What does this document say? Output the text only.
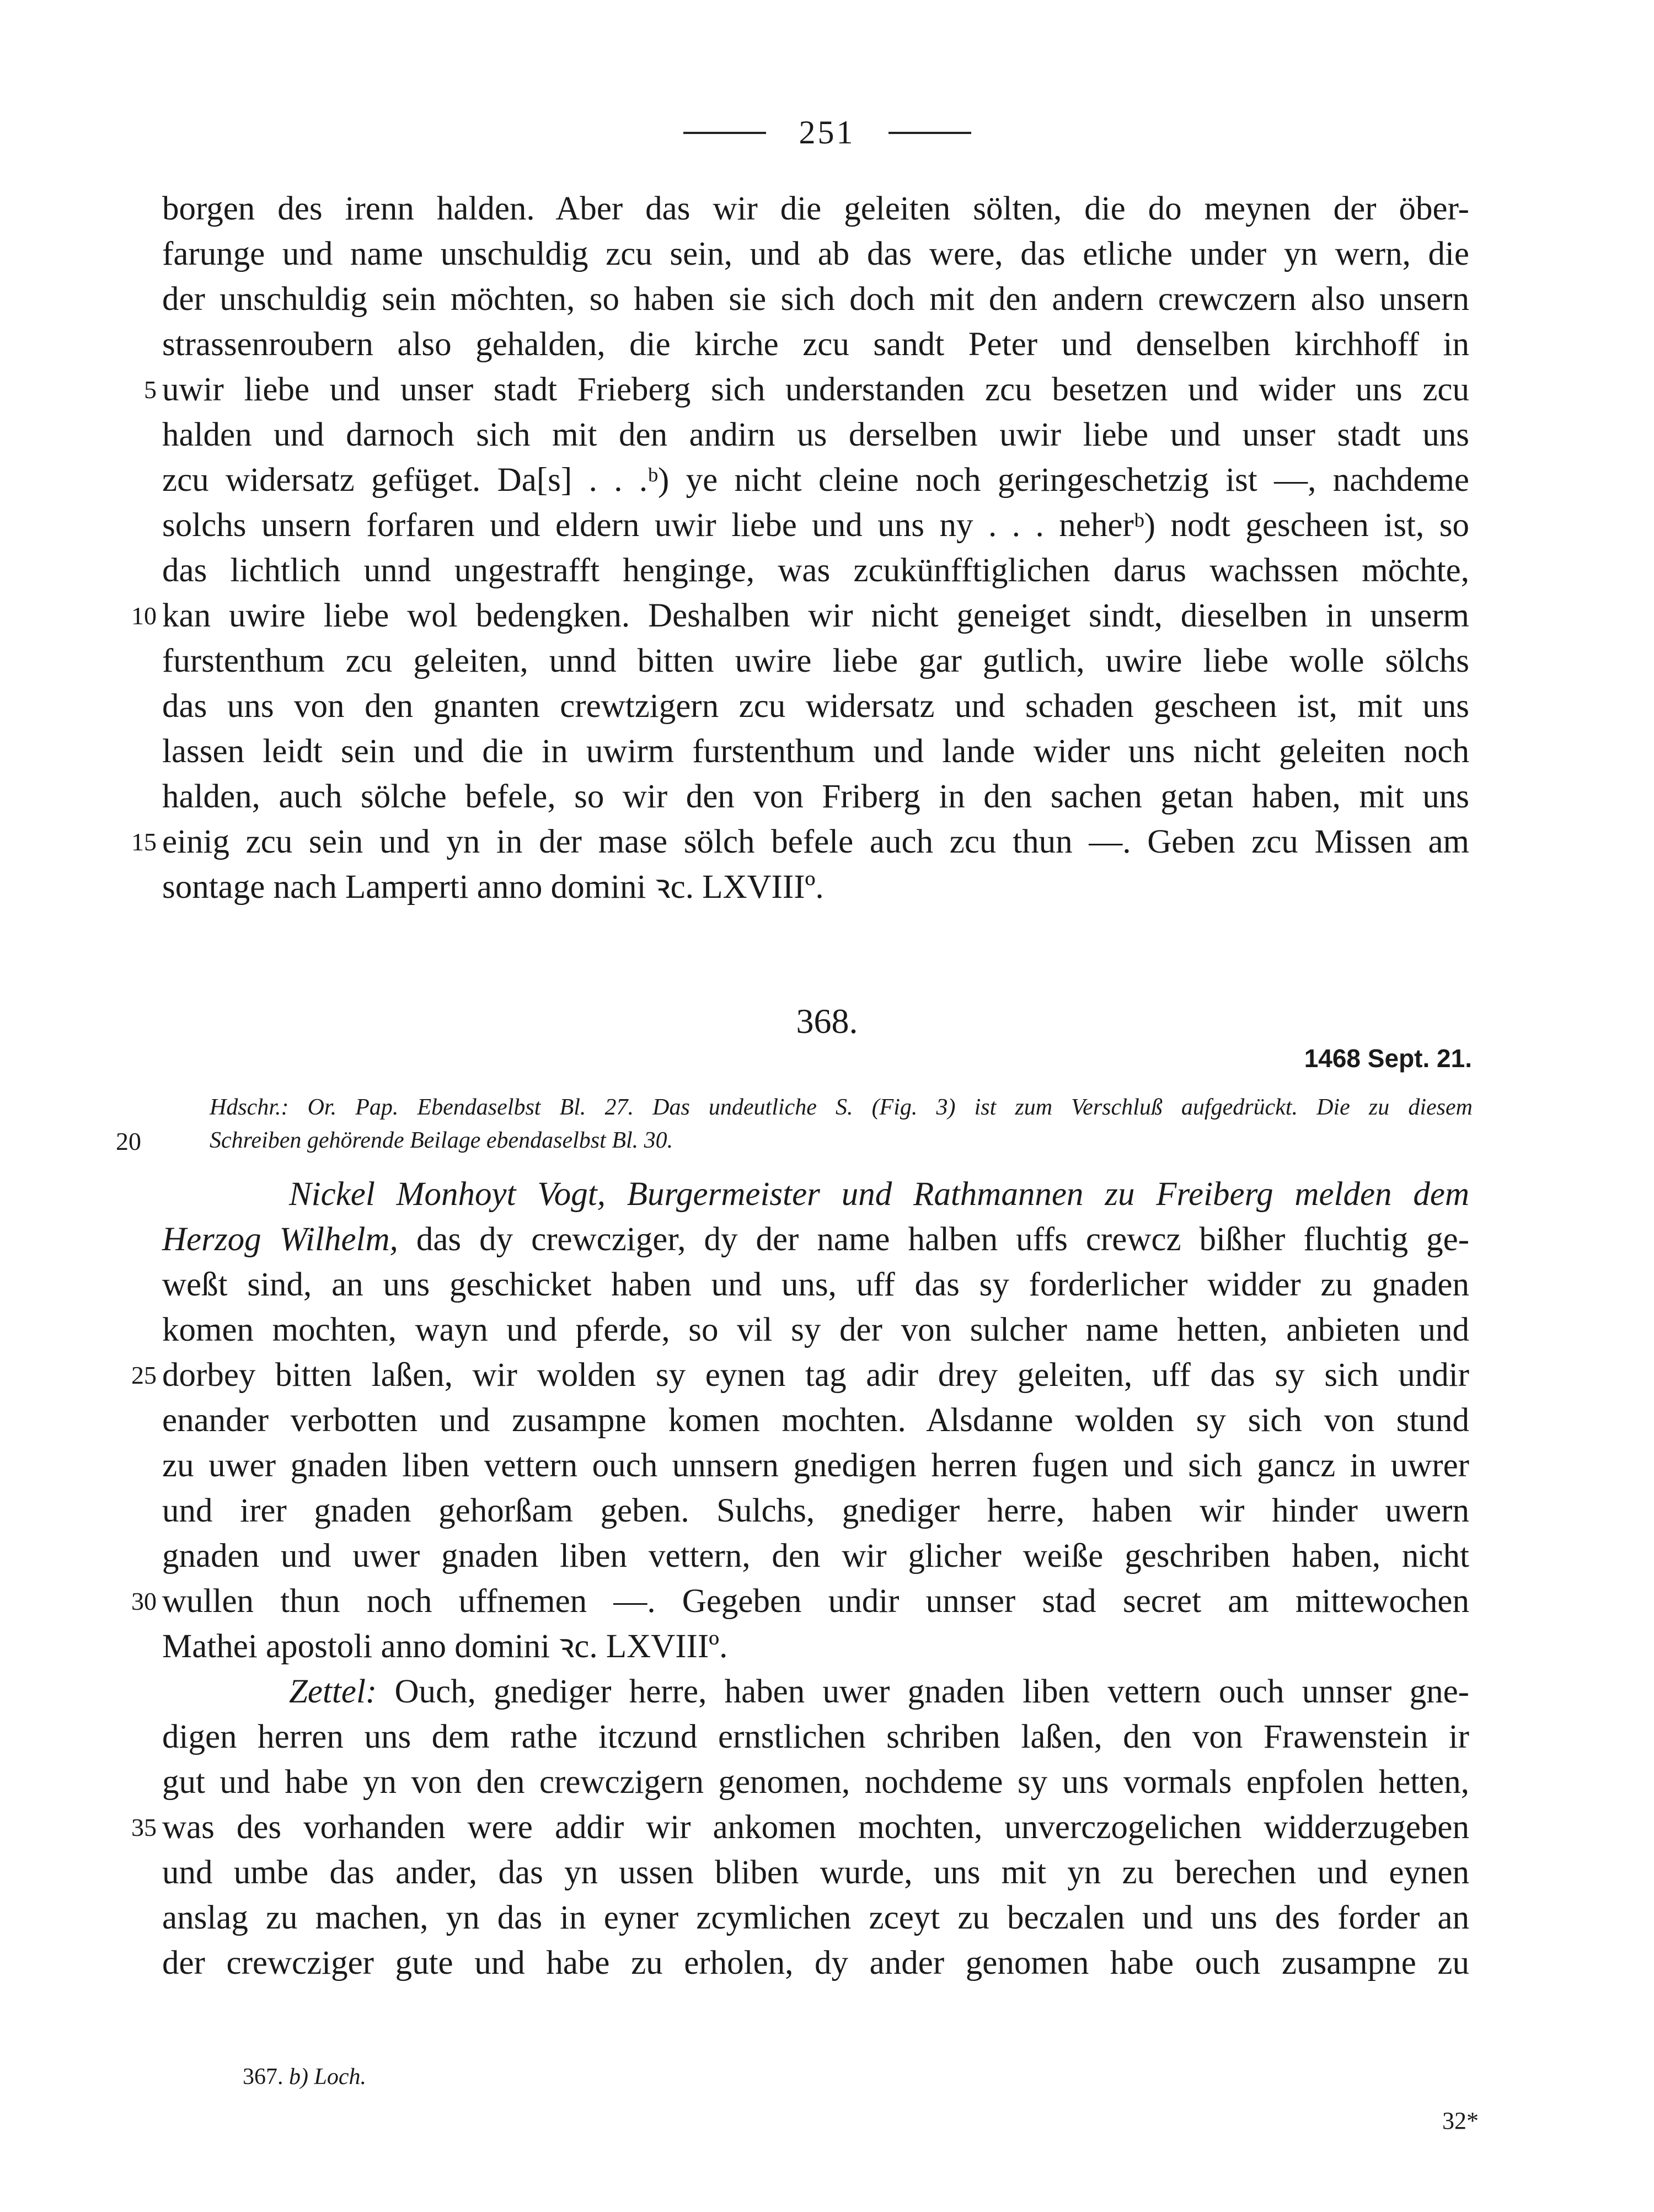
251
borgen des irenn halden. Aber das wir die geleiten sölten, die do meynen der öber-
farunge und name unschuldig zcu sein, und ab das were, das etliche under yn wern, die
der unschuldig sein möchten, so haben sie sich doch mit den andern crewczern also unsern
strassenroubern also gehalden, die kirche zcu sandt Peter und denselben kirchhoff in
uwir liebe und unser stadt Frieberg sich understanden zcu besetzen und wider uns zcu
5
halden und darnoch sich mit den andirn us derselben uwir liebe und unser stadt uns
zcu widersatz gefüget. Da[s] . . .ᵇ) ye nicht cleine noch geringeschetzig ist —, nachdeme
solchs unsern forfaren und eldern uwir liebe und uns ny . . . neherᵇ) nodt gescheen ist, so
das lichtlich unnd ungestrafft henginge, was zcukünfftiglichen darus wachssen möchte,
kan uwire liebe wol bedengken. Deshalben wir nicht geneiget sindt, dieselben in unserm
10
furstenthum zcu geleiten, unnd bitten uwire liebe gar gutlich, uwire liebe wolle sölchs
das uns von den gnanten crewtzigern zcu widersatz und schaden gescheen ist, mit uns
lassen leidt sein und die in uwirm furstenthum und lande wider uns nicht geleiten noch
halden, auch sölche befele, so wir den von Friberg in den sachen getan haben, mit uns
einig zcu sein und yn in der mase sölch befele auch zcu thun —. Geben zcu Missen am
15
sontage nach Lamperti anno domini ꝛc. LXVIIIº.
368.
1468 Sept. 21.
20
Hdschr.: Or. Pap. Ebendaselbst Bl. 27. Das undeutliche S. (Fig. 3) ist zum Verschluß aufgedrückt. Die zu diesem
Schreiben gehörende Beilage ebendaselbst Bl. 30.
Nickel Monhoyt Vogt, Burgermeister und Rathmannen zu Freiberg melden dem
Herzog Wilhelm, das dy crewcziger, dy der name halben uffs crewcz bißher fluchtig ge-
weßt sind, an uns geschicket haben und uns, uff das sy forderlicher widder zu gnaden
komen mochten, wayn und pferde, so vil sy der von sulcher name hetten, anbieten und
dorbey bitten laßen, wir wolden sy eynen tag adir drey geleiten, uff das sy sich undir
25
enander verbotten und zusampne komen mochten. Alsdanne wolden sy sich von stund
zu uwer gnaden liben vettern ouch unnsern gnedigen herren fugen und sich gancz in uwrer
und irer gnaden gehorßam geben. Sulchs, gnediger herre, haben wir hinder uwern
gnaden und uwer gnaden liben vettern, den wir glicher weiße geschriben haben, nicht
wullen thun noch uffnemen —. Gegeben undir unnser stad secret am mittewochen
30
Mathei apostoli anno domini ꝛc. LXVIIIº.
Zettel: Ouch, gnediger herre, haben uwer gnaden liben vettern ouch unnser gne-
digen herren uns dem rathe itczund ernstlichen schriben laßen, den von Frawenstein ir
gut und habe yn von den crewczigern genomen, nochdeme sy uns vormals enpfolen hetten,
was des vorhanden were addir wir ankomen mochten, unverczogelichen widderzugeben
35
und umbe das ander, das yn ussen bliben wurde, uns mit yn zu berechen und eynen
anslag zu machen, yn das in eyner zcymlichen zceyt zu beczalen und uns des forder an
der crewcziger gute und habe zu erholen, dy ander genomen habe ouch zusampne zu
367. b) Loch.
32*
